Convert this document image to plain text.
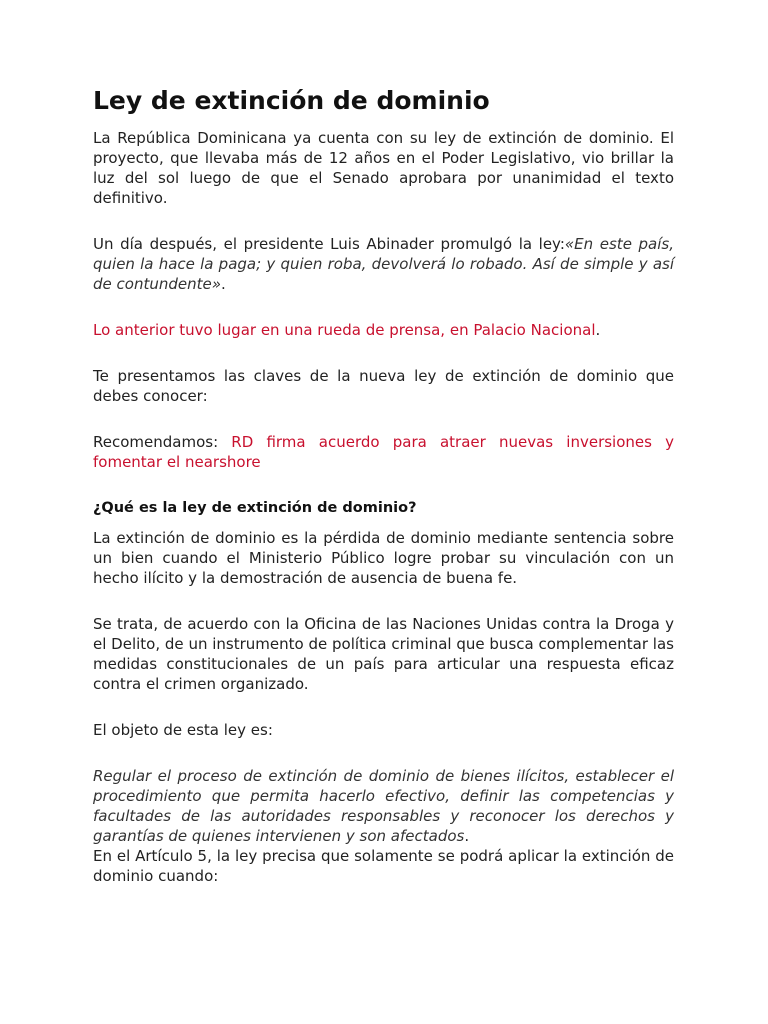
Ley de extinción de dominio

La República Dominicana ya cuenta con su ley de extinción de dominio. El proyecto, que llevaba más de 12 años en el Poder Legislativo, vio brillar la luz del sol luego de que el Senado aprobara por unanimidad el texto definitivo.

Un día después, el presidente Luis Abinader promulgó la ley:«En este país, quien la hace la paga; y quien roba, devolverá lo robado. Así de simple y así de contundente».

Lo anterior tuvo lugar en una rueda de prensa, en Palacio Nacional.

Te presentamos las claves de la nueva ley de extinción de dominio que debes conocer:

Recomendamos: RD firma acuerdo para atraer nuevas inversiones y fomentar el nearshore

¿Qué es la ley de extinción de dominio?

La extinción de dominio es la pérdida de dominio mediante sentencia sobre un bien cuando el Ministerio Público logre probar su vinculación con un hecho ilícito y la demostración de ausencia de buena fe.

Se trata, de acuerdo con la Oficina de las Naciones Unidas contra la Droga y el Delito, de un instrumento de política criminal que busca complementar las medidas constitucionales de un país para articular una respuesta eficaz contra el crimen organizado.

El objeto de esta ley es:

Regular el proceso de extinción de dominio de bienes ilícitos, establecer el procedimiento que permita hacerlo efectivo, definir las competencias y facultades de las autoridades responsables y reconocer los derechos y garantías de quienes intervienen y son afectados.

En el Artículo 5, la ley precisa que solamente se podrá aplicar la extinción de dominio cuando:
